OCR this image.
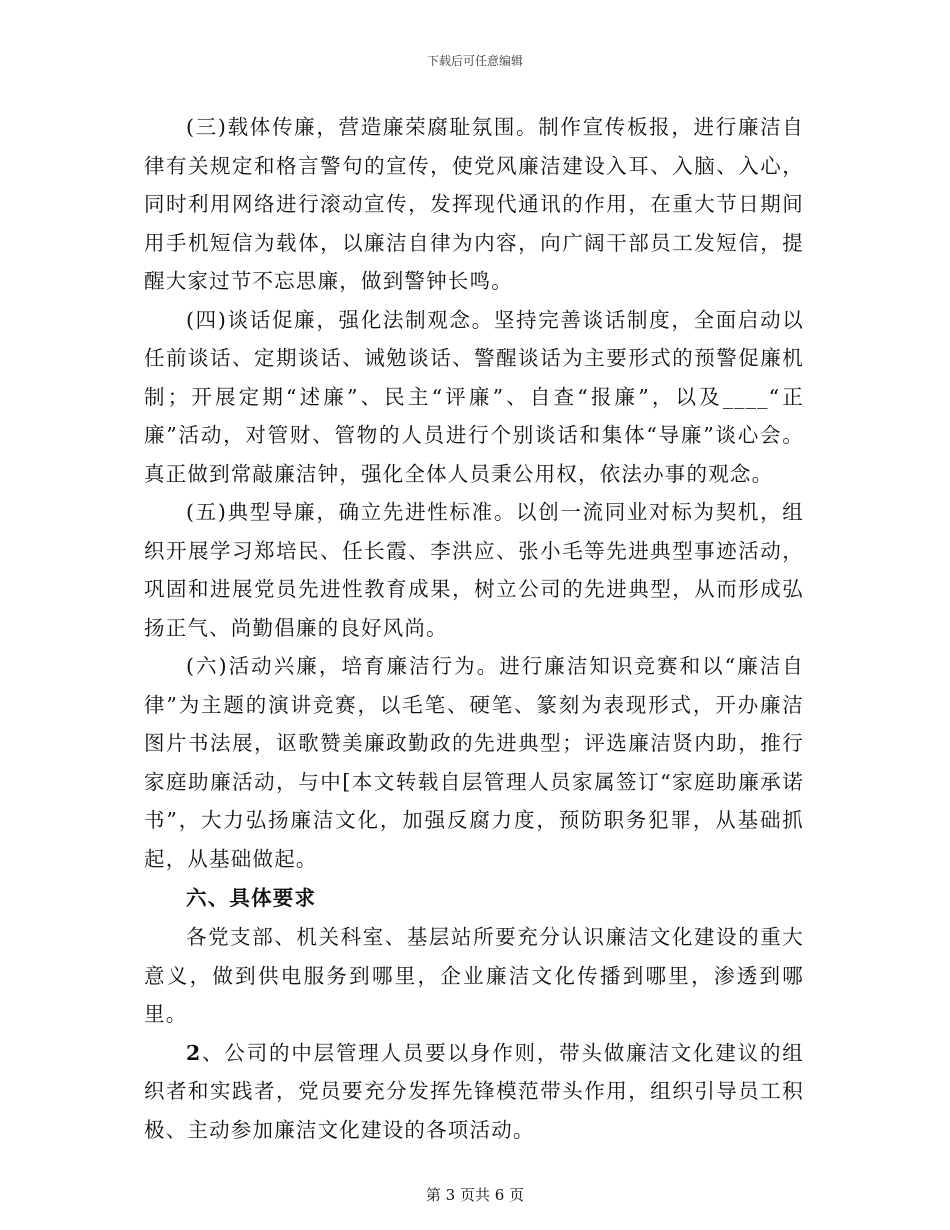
下载后可任意编辑

(三)载体传廉，营造廉荣腐耻氛围。制作宣传板报，进行廉洁自律有关规定和格言警句的宣传，使党风廉洁建设入耳、入脑、入心，同时利用网络进行滚动宣传，发挥现代通讯的作用，在重大节日期间用手机短信为载体，以廉洁自律为内容，向广阔干部员工发短信，提醒大家过节不忘思廉，做到警钟长鸣。

(四)谈话促廉，强化法制观念。坚持完善谈话制度，全面启动以任前谈话、定期谈话、诫勉谈话、警醒谈话为主要形式的预警促廉机制；开展定期“述廉”、民主“评廉”、自查“报廉”，以及____“正廉”活动，对管财、管物的人员进行个别谈话和集体“导廉”谈心会。真正做到常敲廉洁钟，强化全体人员秉公用权，依法办事的观念。

(五)典型导廉，确立先进性标准。以创一流同业对标为契机，组织开展学习郑培民、任长霞、李洪应、张小毛等先进典型事迹活动，巩固和进展党员先进性教育成果，树立公司的先进典型，从而形成弘扬正气、尚勤倡廉的良好风尚。

(六)活动兴廉，培育廉洁行为。进行廉洁知识竞赛和以“廉洁自律”为主题的演讲竞赛，以毛笔、硬笔、篆刻为表现形式，开办廉洁图片书法展，讴歌赞美廉政勤政的先进典型；评选廉洁贤内助，推行家庭助廉活动，与中[本文转载自层管理人员家属签订“家庭助廉承诺书”，大力弘扬廉洁文化，加强反腐力度，预防职务犯罪，从基础抓起，从基础做起。

六、具体要求

各党支部、机关科室、基层站所要充分认识廉洁文化建设的重大意义，做到供电服务到哪里，企业廉洁文化传播到哪里，渗透到哪里。

2、公司的中层管理人员要以身作则，带头做廉洁文化建议的组织者和实践者，党员要充分发挥先锋模范带头作用，组织引导员工积极、主动参加廉洁文化建设的各项活动。

第 3 页共 6 页
